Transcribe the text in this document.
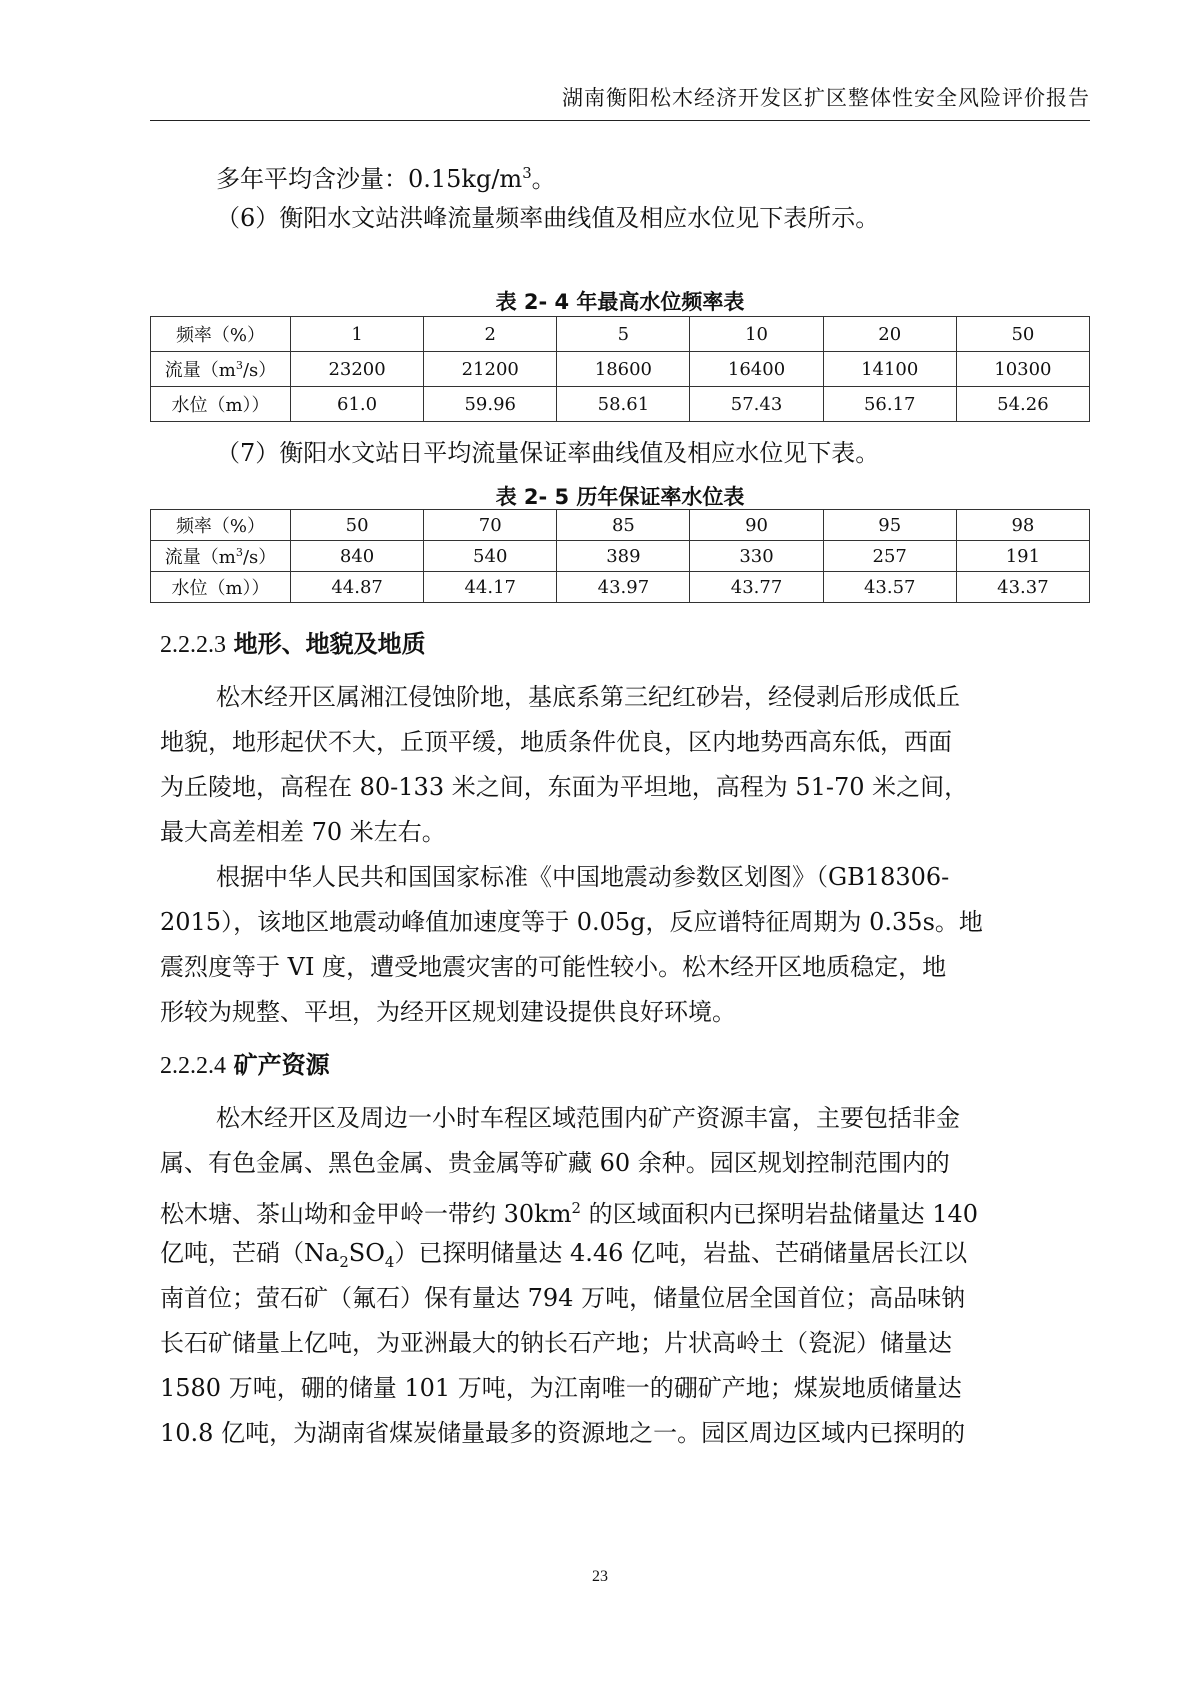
湖南衡阳松木经济开发区扩区整体性安全风险评价报告
多年平均含沙量：$0.15kg/m^3$。
（6）衡阳水文站洪峰流量频率曲线值及相应水位见下表所示。
表 2- 4 年最高水位频率表
频率（%）	1	2	5	10	20	50
流量$(m^3/s)$	23200	21200	18600	16400	14100	10300
水位（m））	61.0	59.96	58.61	57.43	56.17	54.26
（7）衡阳水文站日平均流量保证率曲线值及相应水位见下表。
表 2- 5 历年保证率水位表
频率（%）	50	70	85	90	95	98
流量$(m^3/s)$	840	540	389	330	257	191
水位（m））	44.87	44.17	43.97	43.77	43.57	43.37
2.2.2.3 地形、地貌及地质
松木经开区属湘江侵蚀阶地，基底系第三纪红砂岩，经侵剥后形成低丘
地貌，地形起伏不大，丘顶平缓，地质条件优良，区内地势西高东低，西面
为丘陵地，高程在 80-133 米之间，东面为平坦地，高程为 51-70 米之间，
最大高差相差 70 米左右。
根据中华人民共和国国家标准《中国地震动参数区划图》（GB18306-
2015），该地区地震动峰值加速度等于 0.05g，反应谱特征周期为 0.35s。地
震烈度等于 VI 度，遭受地震灾害的可能性较小。松木经开区地质稳定，地
形较为规整、平坦，为经开区规划建设提供良好环境。
2.2.2.4 矿产资源
松木经开区及周边一小时车程区域范围内矿产资源丰富，主要包括非金
属、有色金属、黑色金属、贵金属等矿藏 60 余种。园区规划控制范围内的
松木塘、茶山坳和金甲岭一带约 $30km^2$ 的区域面积内已探明岩盐储量达 140
亿吨，芒硝$(Na_2SO_4)$已探明储量达 4.46 亿吨，岩盐、芒硝储量居长江以
南首位；萤石矿（氟石）保有量达 794 万吨，储量位居全国首位；高品味钠
长石矿储量上亿吨，为亚洲最大的钠长石产地；片状高岭土（瓷泥）储量达
1580 万吨，硼的储量 101 万吨，为江南唯一的硼矿产地；煤炭地质储量达
10.8 亿吨，为湖南省煤炭储量最多的资源地之一。园区周边区域内已探明的
23
